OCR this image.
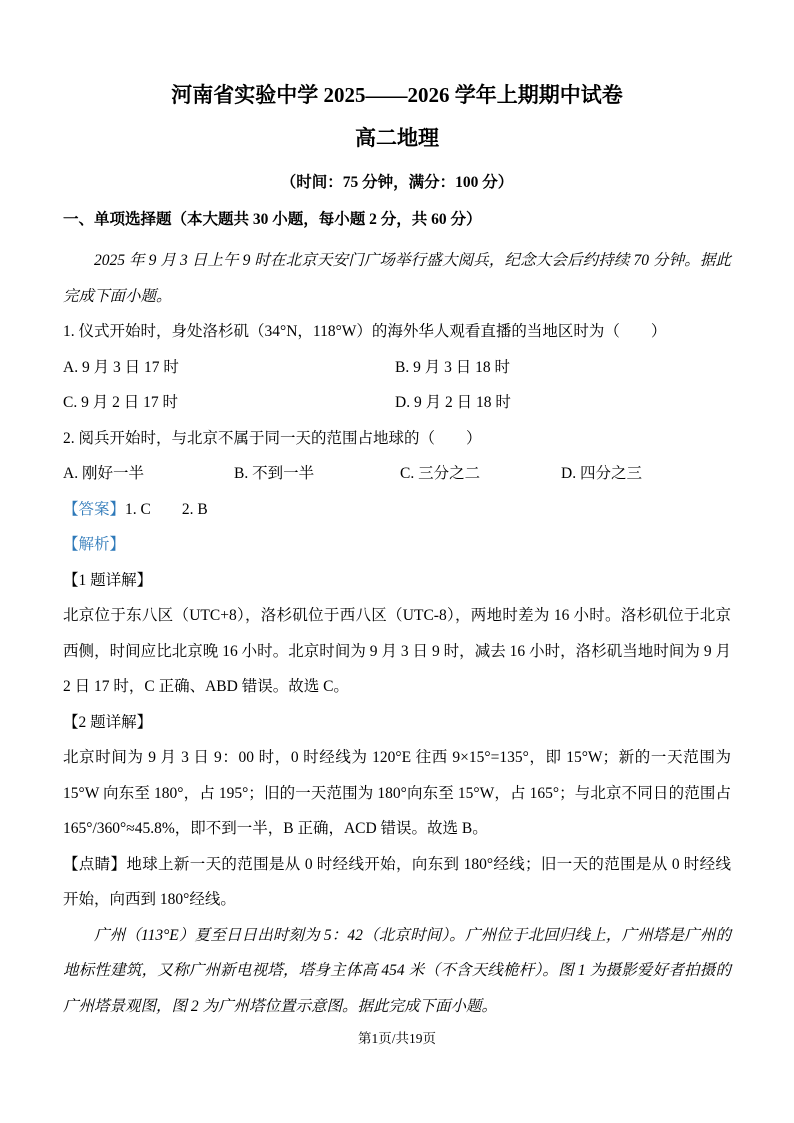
河南省实验中学 2025——2026 学年上期期中试卷
高二地理
（时间：75 分钟，满分：100 分）
一、单项选择题（本大题共 30 小题，每小题 2 分，共 60 分）

2025 年 9 月 3 日上午 9 时在北京天安门广场举行盛大阅兵，纪念大会后约持续 70 分钟。据此完成下面小题。

1. 仪式开始时，身处洛杉矶（34°N，118°W）的海外华人观看直播的当地区时为（　　）

A. 9 月 3 日 17 时	B. 9 月 3 日 18 时
C. 9 月 2 日 17 时	D. 9 月 2 日 18 时

2. 阅兵开始时，与北京不属于同一天的范围占地球的（　　）

A. 刚好一半	B. 不到一半	C. 三分之二	D. 四分之三

【答案】1. C　　2. B

【解析】

【1 题详解】

北京位于东八区（UTC+8），洛杉矶位于西八区（UTC-8），两地时差为 16 小时。洛杉矶位于北京西侧，时间应比北京晚 16 小时。北京时间为 9 月 3 日 9 时，减去 16 小时，洛杉矶当地时间为 9 月 2 日 17 时，C 正确、ABD 错误。故选 C。

【2 题详解】

北京时间为 9 月 3 日 9：00 时，0 时经线为 120°E 往西 9×15°=135°，即 15°W；新的一天范围为 15°W 向东至 180°，占 195°；旧的一天范围为 180°向东至 15°W，占 165°；与北京不同日的范围占 165°/360°≈45.8%，即不到一半，B 正确，ACD 错误。故选 B。

【点睛】地球上新一天的范围是从 0 时经线开始，向东到 180°经线；旧一天的范围是从 0 时经线开始，向西到 180°经线。

广州（113°E）夏至日日出时刻为 5：42（北京时间）。广州位于北回归线上，广州塔是广州的地标性建筑，又称广州新电视塔，塔身主体高 454 米（不含天线桅杆）。图 1 为摄影爱好者拍摄的广州塔景观图，图 2 为广州塔位置示意图。据此完成下面小题。

第1页/共19页
